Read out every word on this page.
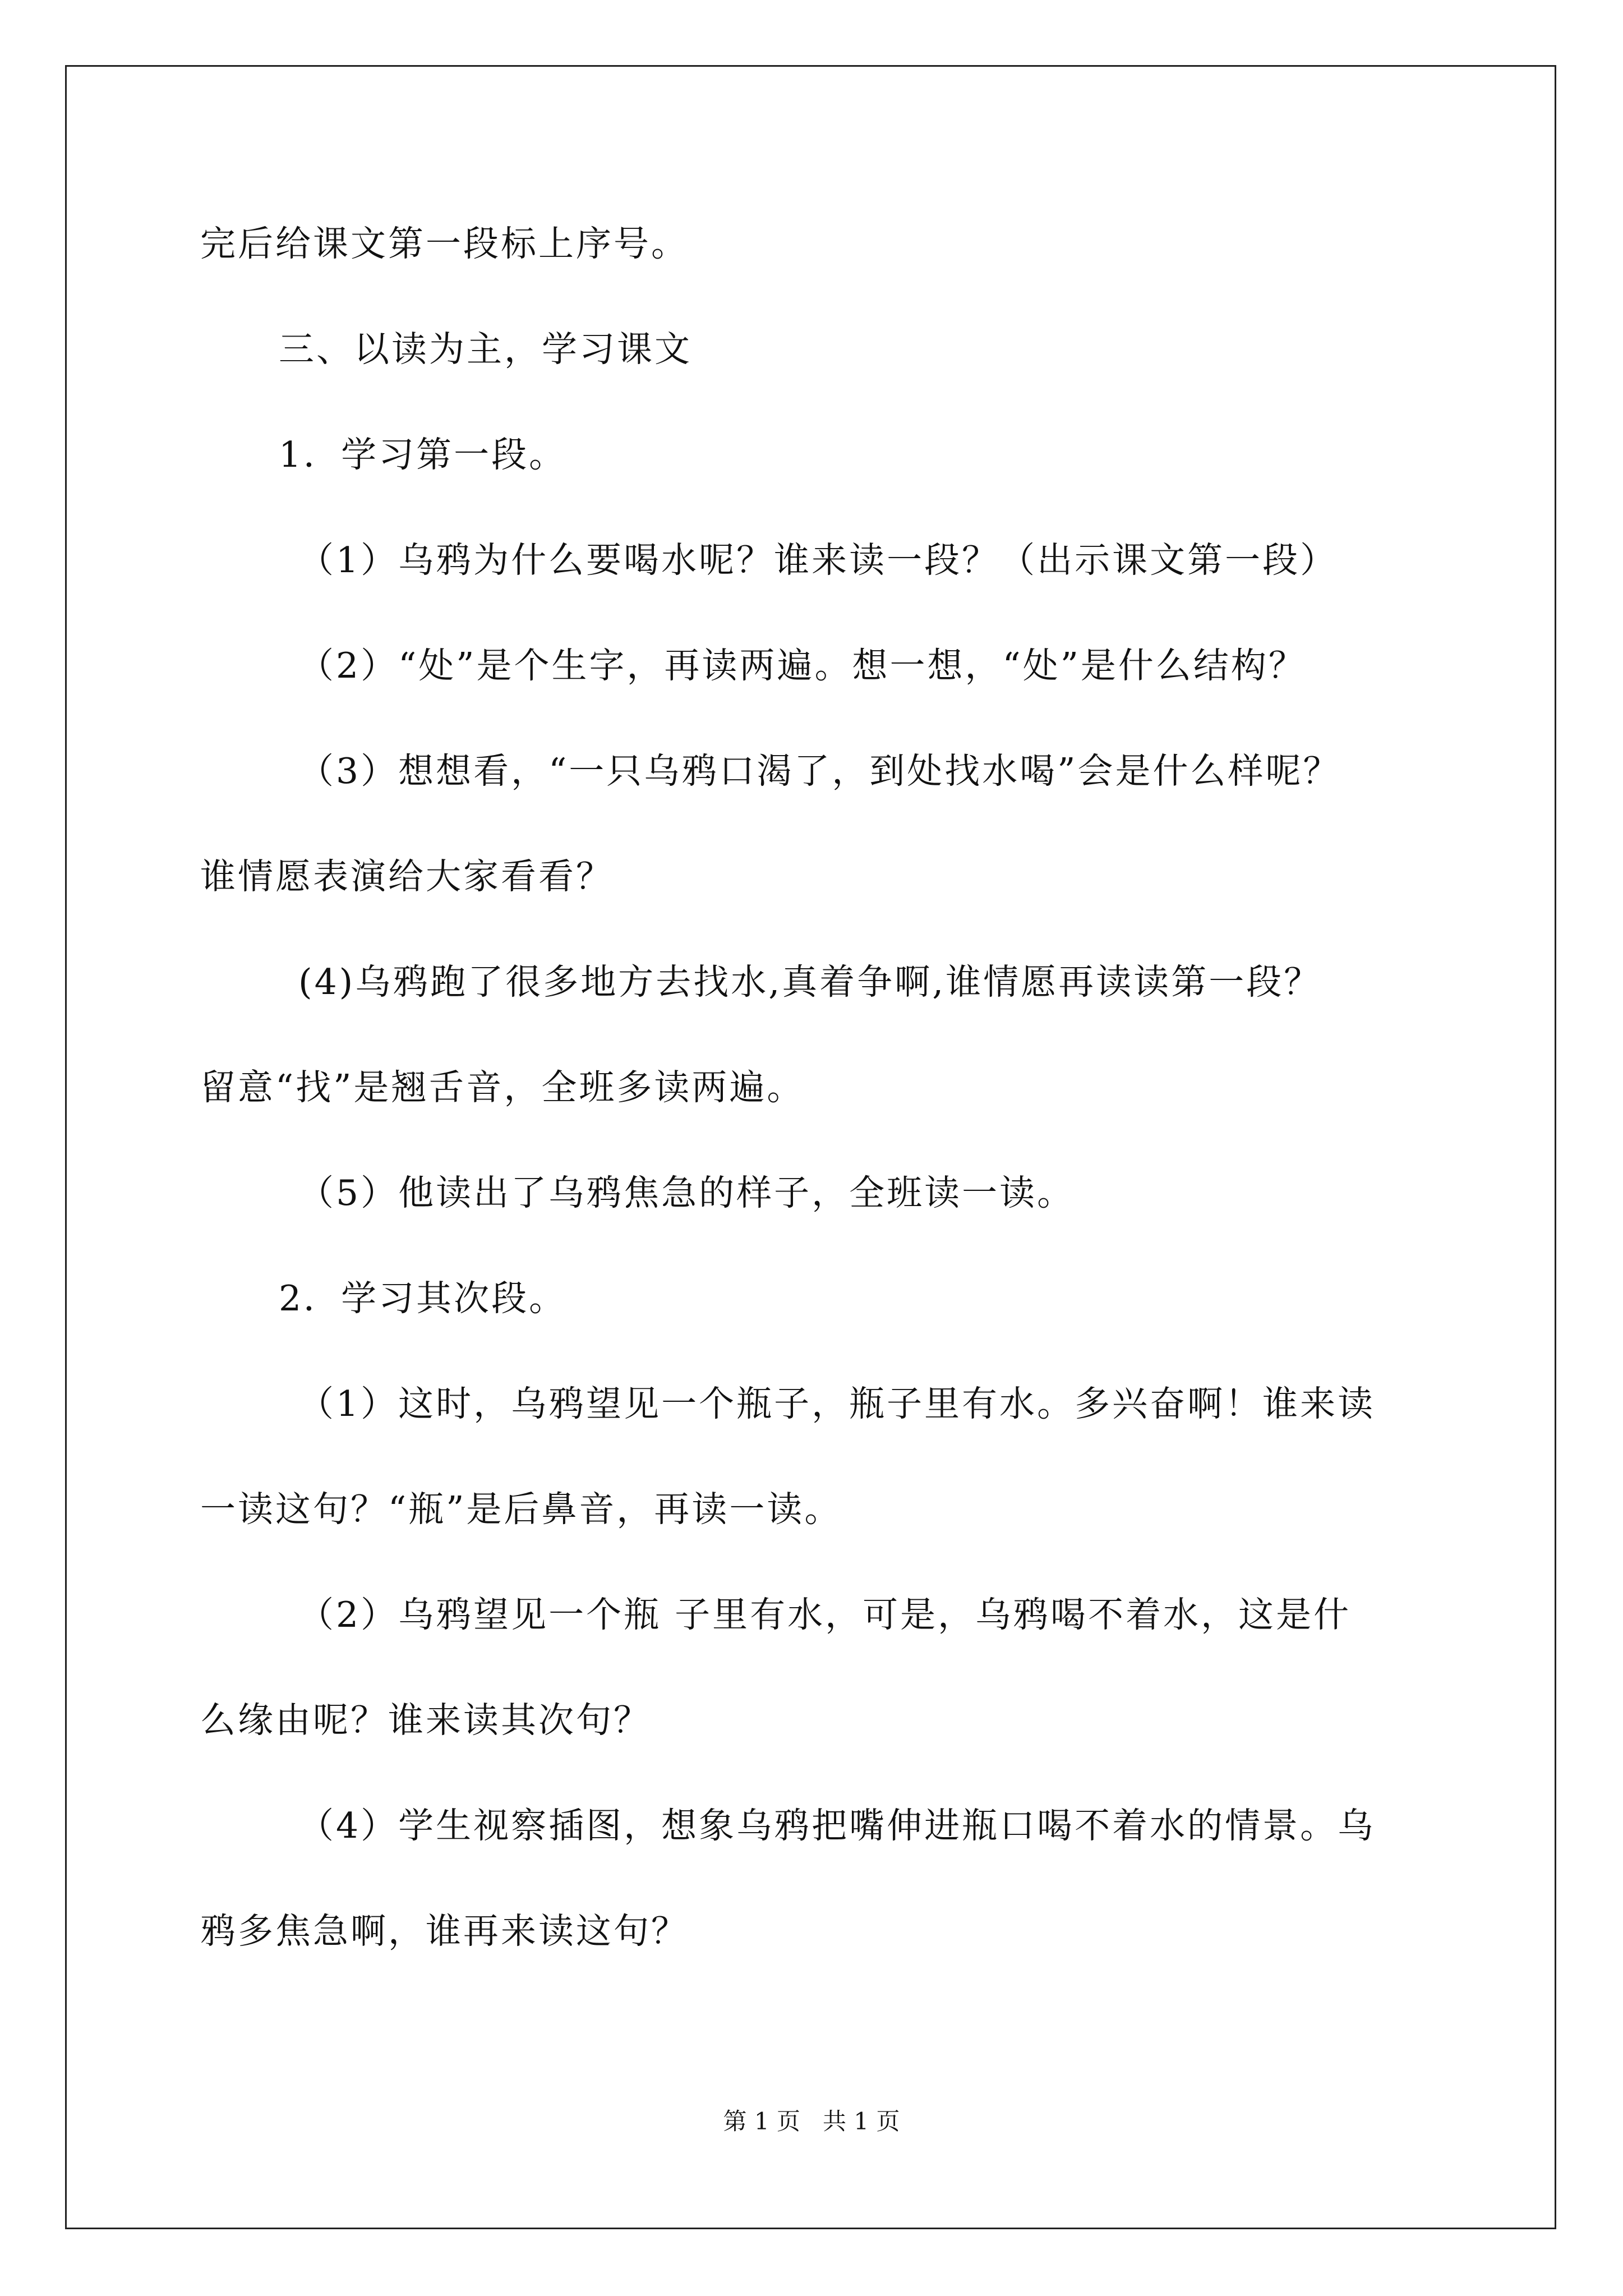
完后给课文第一段标上序号。
三、以读为主，学习课文
1．学习第一段。
（1）乌鸦为什么要喝水呢？谁来读一段？（出示课文第一段）
（2）“处”是个生字，再读两遍。想一想，“处”是什么结构？
（3）想想看，“一只乌鸦口渴了，到处找水喝”会是什么样呢？
谁情愿表演给大家看看？
(4)乌鸦跑了很多地方去找水,真着争啊,谁情愿再读读第一段？
留意“找”是翘舌音，全班多读两遍。
（5）他读出了乌鸦焦急的样子，全班读一读。
2．学习其次段。
（1）这时，乌鸦望见一个瓶子，瓶子里有水。多兴奋啊！谁来读
一读这句？“瓶”是后鼻音，再读一读。
（2）乌鸦望见一个瓶 子里有水，可是，乌鸦喝不着水，这是什
么缘由呢？谁来读其次句？
（4）学生视察插图，想象乌鸦把嘴伸进瓶口喝不着水的情景。乌
鸦多焦急啊，谁再来读这句？
第 1 页   共 1 页
